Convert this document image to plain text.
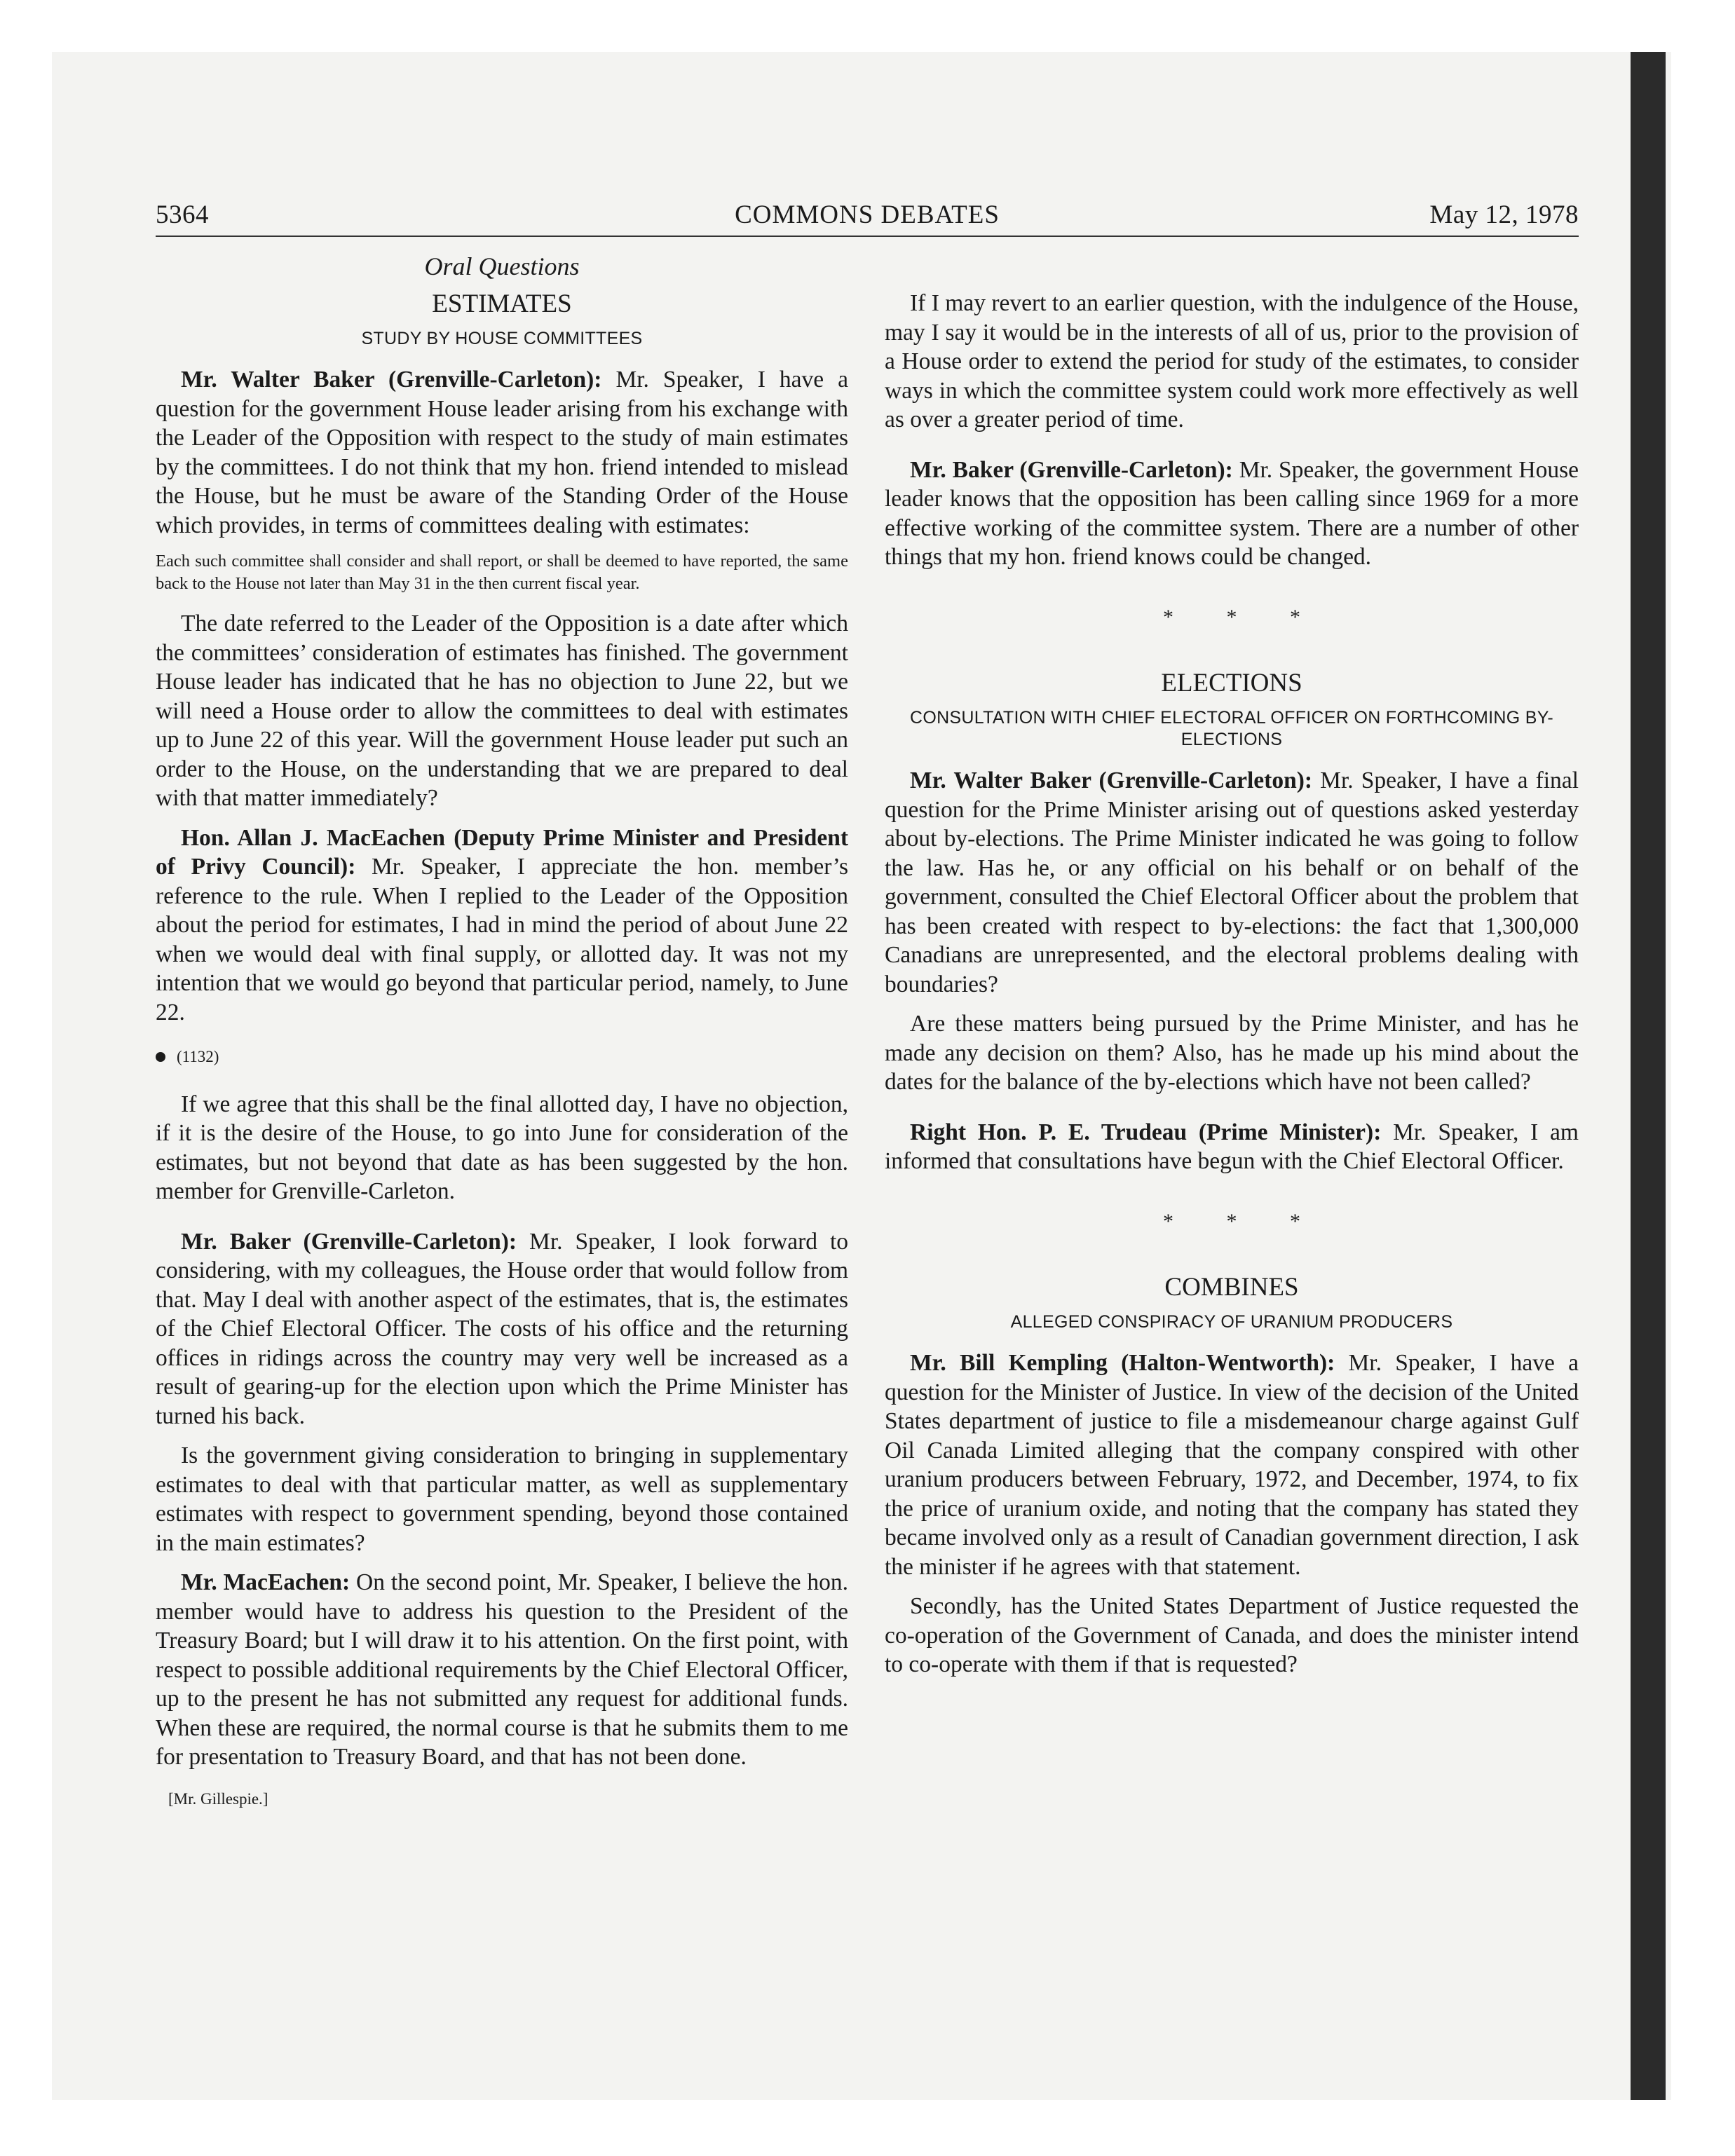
5364	COMMONS DEBATES	May 12, 1978
Oral Questions
ESTIMATES
STUDY BY HOUSE COMMITTEES

Mr. Walter Baker (Grenville-Carleton): Mr. Speaker, I have a question for the government House leader arising from his exchange with the Leader of the Opposition with respect to the study of main estimates by the committees. I do not think that my hon. friend intended to mislead the House, but he must be aware of the Standing Order of the House which provides, in terms of committees dealing with estimates:

Each such committee shall consider and shall report, or shall be deemed to have reported, the same back to the House not later than May 31 in the then current fiscal year.

The date referred to the Leader of the Opposition is a date after which the committees’ consideration of estimates has finished. The government House leader has indicated that he has no objection to June 22, but we will need a House order to allow the committees to deal with estimates up to June 22 of this year. Will the government House leader put such an order to the House, on the understanding that we are prepared to deal with that matter immediately?

Hon. Allan J. MacEachen (Deputy Prime Minister and President of Privy Council): Mr. Speaker, I appreciate the hon. member’s reference to the rule. When I replied to the Leader of the Opposition about the period for estimates, I had in mind the period of about June 22 when we would deal with final supply, or allotted day. It was not my intention that we would go beyond that particular period, namely, to June 22.

(1132)

If we agree that this shall be the final allotted day, I have no objection, if it is the desire of the House, to go into June for consideration of the estimates, but not beyond that date as has been suggested by the hon. member for Grenville-Carleton.

Mr. Baker (Grenville-Carleton): Mr. Speaker, I look forward to considering, with my colleagues, the House order that would follow from that. May I deal with another aspect of the estimates, that is, the estimates of the Chief Electoral Officer. The costs of his office and the returning offices in ridings across the country may very well be increased as a result of gearing-up for the election upon which the Prime Minister has turned his back.

Is the government giving consideration to bringing in supplementary estimates to deal with that particular matter, as well as supplementary estimates with respect to government spending, beyond those contained in the main estimates?

Mr. MacEachen: On the second point, Mr. Speaker, I believe the hon. member would have to address his question to the President of the Treasury Board; but I will draw it to his attention. On the first point, with respect to possible additional requirements by the Chief Electoral Officer, up to the present he has not submitted any request for additional funds. When these are required, the normal course is that he submits them to me for presentation to Treasury Board, and that has not been done.

[Mr. Gillespie.]

If I may revert to an earlier question, with the indulgence of the House, may I say it would be in the interests of all of us, prior to the provision of a House order to extend the period for study of the estimates, to consider ways in which the committee system could work more effectively as well as over a greater period of time.

Mr. Baker (Grenville-Carleton): Mr. Speaker, the government House leader knows that the opposition has been calling since 1969 for a more effective working of the committee system. There are a number of other things that my hon. friend knows could be changed.

* * *
ELECTIONS
CONSULTATION WITH CHIEF ELECTORAL OFFICER ON FORTHCOMING BY-ELECTIONS

Mr. Walter Baker (Grenville-Carleton): Mr. Speaker, I have a final question for the Prime Minister arising out of questions asked yesterday about by-elections. The Prime Minister indicated he was going to follow the law. Has he, or any official on his behalf or on behalf of the government, consulted the Chief Electoral Officer about the problem that has been created with respect to by-elections: the fact that 1,300,000 Canadians are unrepresented, and the electoral problems dealing with boundaries?

Are these matters being pursued by the Prime Minister, and has he made any decision on them? Also, has he made up his mind about the dates for the balance of the by-elections which have not been called?

Right Hon. P. E. Trudeau (Prime Minister): Mr. Speaker, I am informed that consultations have begun with the Chief Electoral Officer.

* * *
COMBINES
ALLEGED CONSPIRACY OF URANIUM PRODUCERS

Mr. Bill Kempling (Halton-Wentworth): Mr. Speaker, I have a question for the Minister of Justice. In view of the decision of the United States department of justice to file a misdemeanour charge against Gulf Oil Canada Limited alleging that the company conspired with other uranium producers between February, 1972, and December, 1974, to fix the price of uranium oxide, and noting that the company has stated they became involved only as a result of Canadian government direction, I ask the minister if he agrees with that statement.

Secondly, has the United States Department of Justice requested the co-operation of the Government of Canada, and does the minister intend to co-operate with them if that is requested?
